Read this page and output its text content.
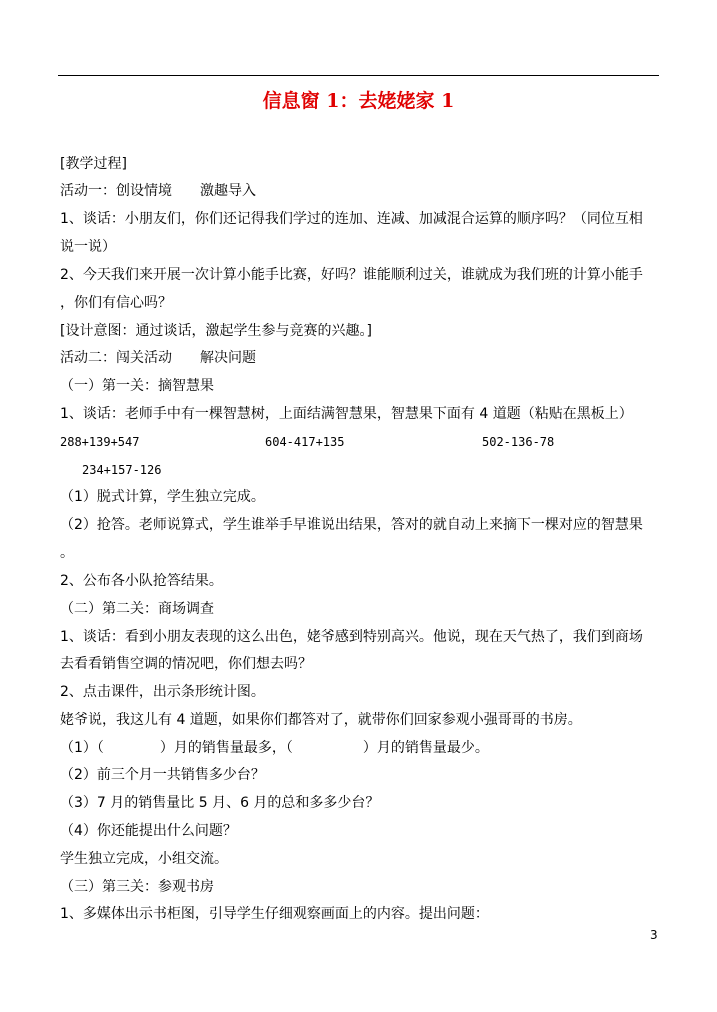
信息窗 1：去姥姥家 1
[教学过程]
活动一：创设情境　　激趣导入
1、谈话：小朋友们，你们还记得我们学过的连加、连减、加减混合运算的顺序吗？（同位互相
说一说）
2、今天我们来开展一次计算小能手比赛，好吗？谁能顺利过关，谁就成为我们班的计算小能手
，你们有信心吗？
[设计意图：通过谈话，激起学生参与竞赛的兴趣。]
活动二：闯关活动　　解决问题
（一）第一关：摘智慧果
1、谈话：老师手中有一棵智慧树，上面结满智慧果，智慧果下面有 4 道题（粘贴在黑板上）
288+139+547	604-417+135	502-136-78
234+157-126
（1）脱式计算，学生独立完成。
（2）抢答。老师说算式，学生谁举手早谁说出结果，答对的就自动上来摘下一棵对应的智慧果
。
2、公布各小队抢答结果。
（二）第二关：商场调查
1、谈话：看到小朋友表现的这么出色，姥爷感到特别高兴。他说，现在天气热了，我们到商场
去看看销售空调的情况吧，你们想去吗？
2、点击课件，出示条形统计图。
姥爷说，我这儿有 4 道题，如果你们都答对了，就带你们回家参观小强哥哥的书房。
（1）（　　　　）月的销售量最多，（　　　　　）月的销售量最少。
（2）前三个月一共销售多少台？
（3）7 月的销售量比 5 月、6 月的总和多多少台？
（4）你还能提出什么问题？
学生独立完成，小组交流。
（三）第三关：参观书房
1、多媒体出示书柜图，引导学生仔细观察画面上的内容。提出问题：
3
